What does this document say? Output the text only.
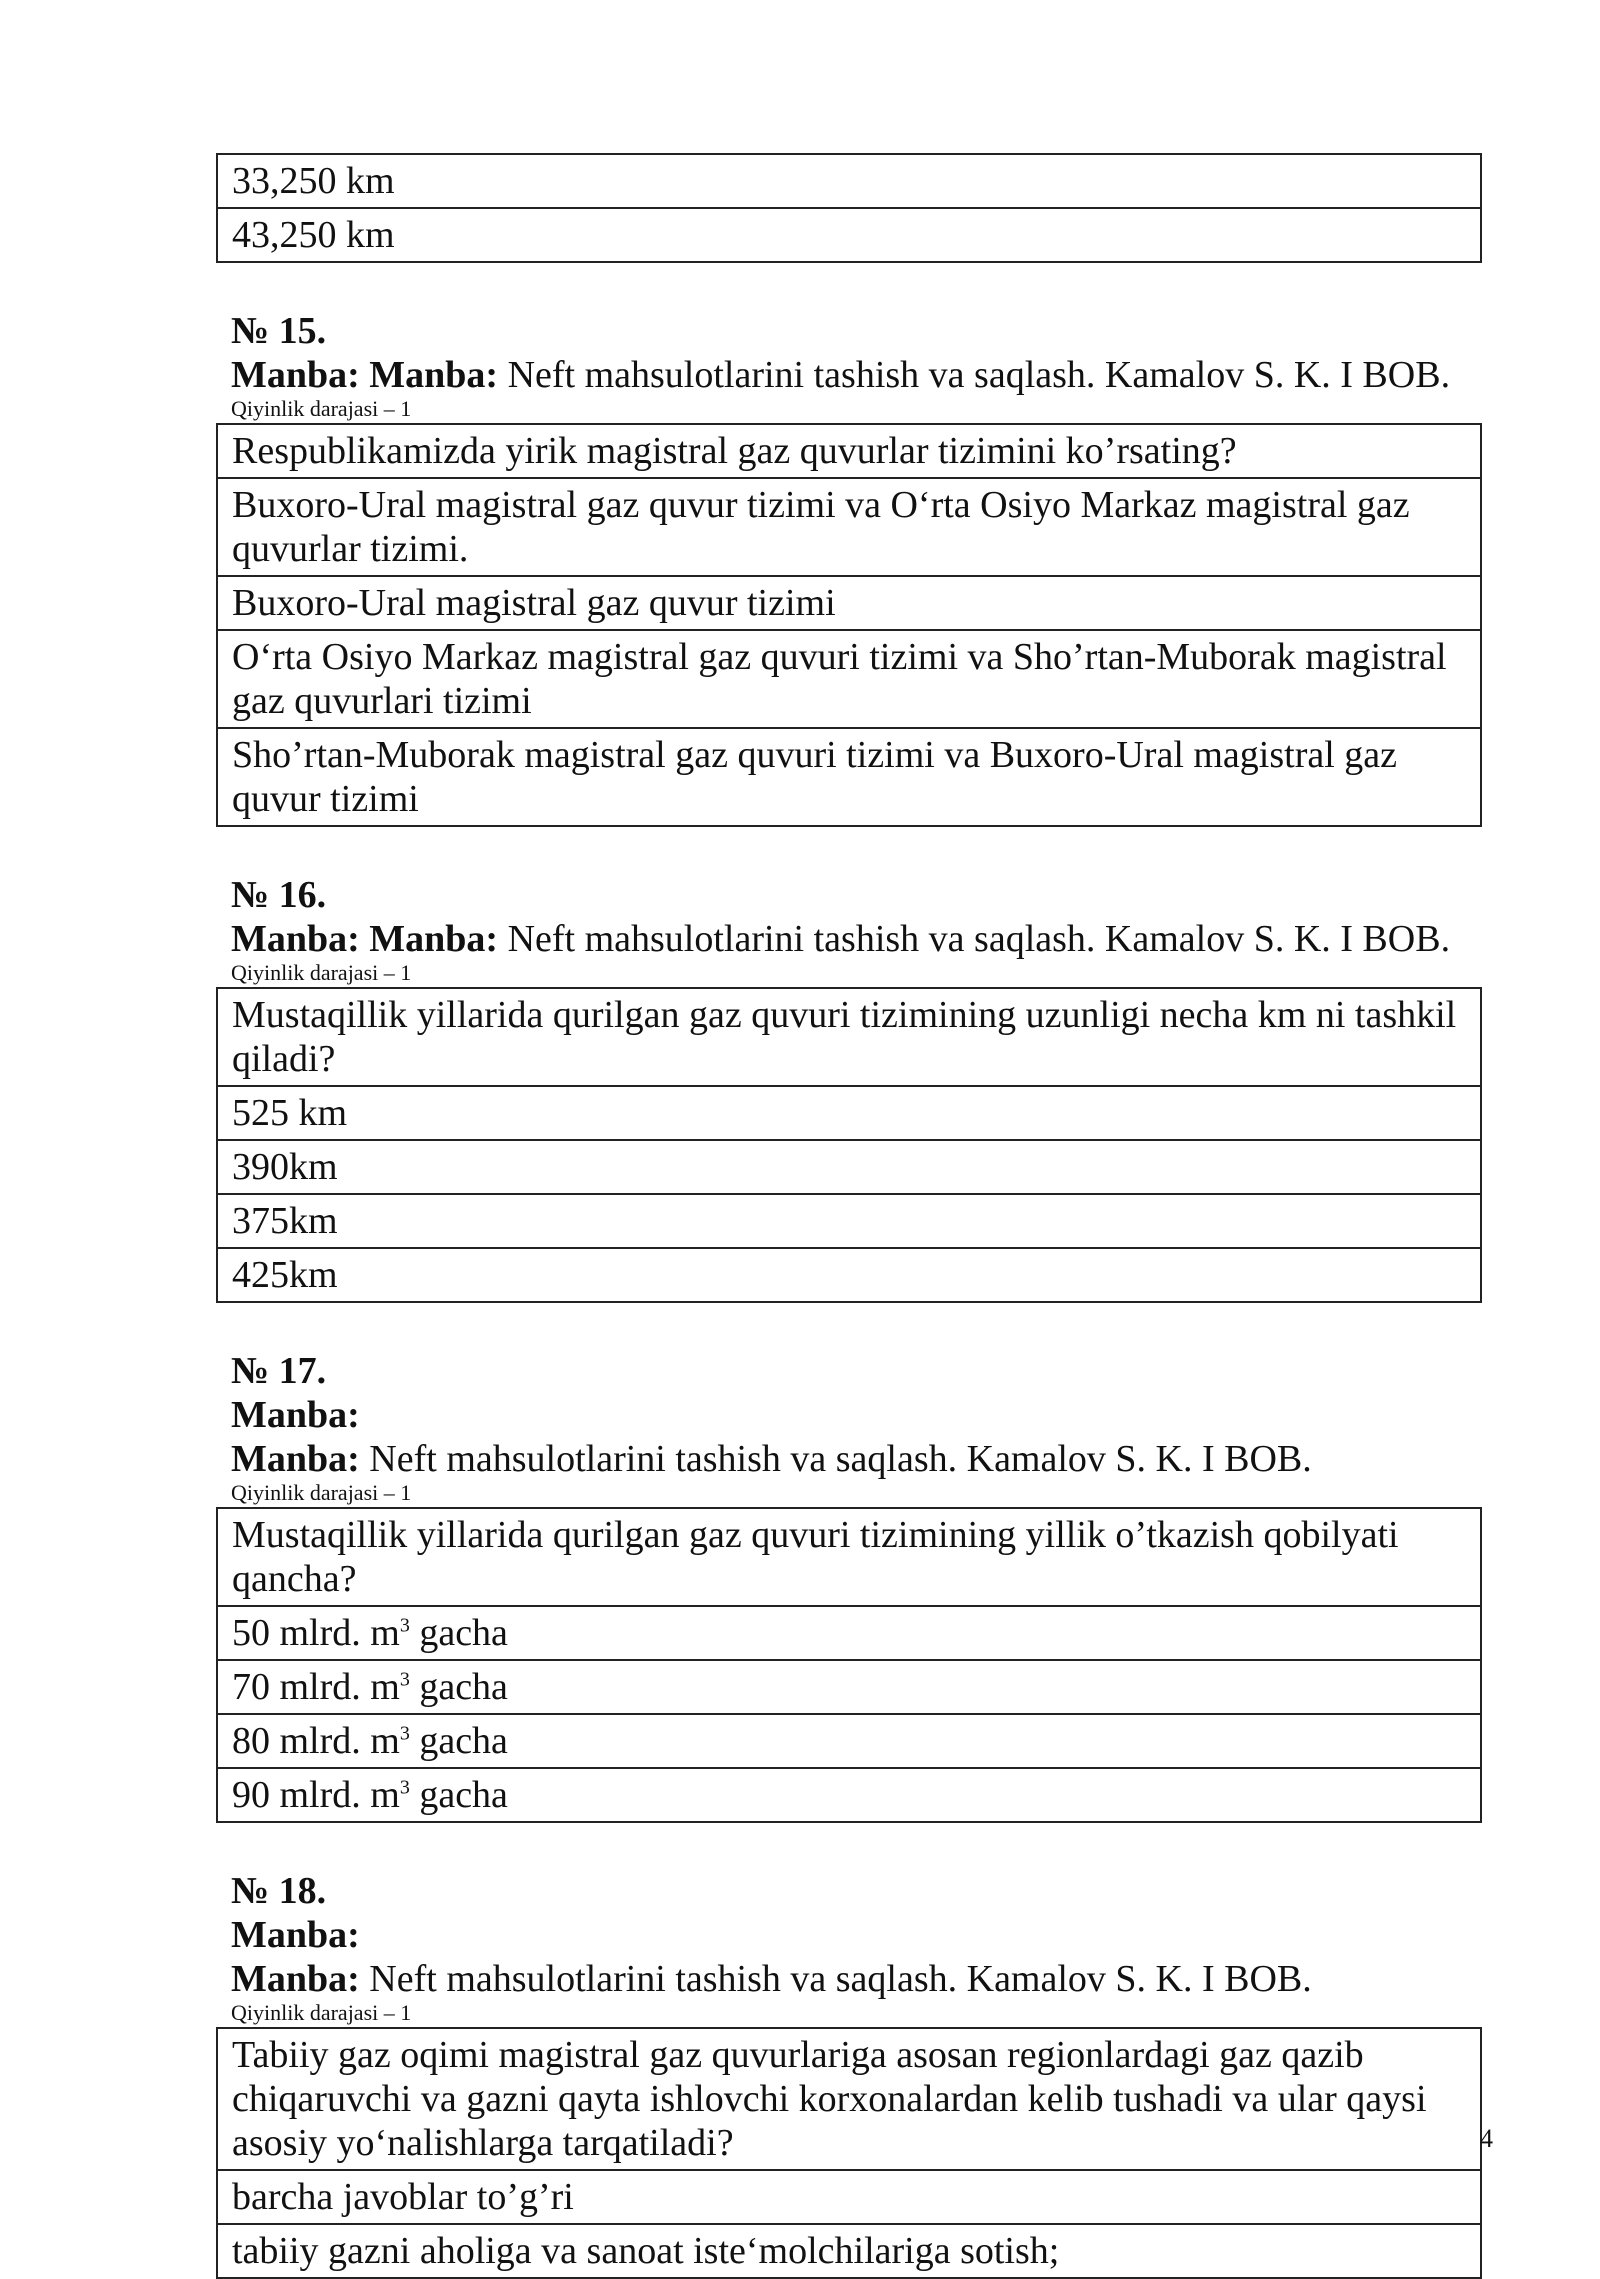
33,250 km
43,250 km
№ 15.
Manba: Manba: Neft mahsulotlarini tashish va saqlash. Kamalov S. K. I BOB.
Qiyinlik darajasi – 1
Respublikamizda yirik magistral gaz quvurlar tizimini ko’rsating?
Buxoro-Ural magistral gaz quvur tizimi va Oʻrta Osiyo Markaz magistral gaz quvurlar tizimi.
Buxoro-Ural magistral gaz quvur tizimi
Oʻrta Osiyo Markaz magistral gaz quvuri tizimi va Sho’rtan-Muborak magistral gaz quvurlari tizimi
Sho’rtan-Muborak magistral gaz quvuri tizimi va Buxoro-Ural magistral gaz quvur tizimi
№ 16.
Manba: Manba: Neft mahsulotlarini tashish va saqlash. Kamalov S. K. I BOB.
Qiyinlik darajasi – 1
Mustaqillik yillarida qurilgan gaz quvuri tizimining uzunligi necha km ni tashkil qiladi?
525 km
390km
375km
425km
№ 17.
Manba:
Manba: Neft mahsulotlarini tashish va saqlash. Kamalov S. K. I BOB.
Qiyinlik darajasi – 1
Mustaqillik yillarida qurilgan gaz quvuri tizimining yillik o’tkazish qobilyati qancha?
50 mlrd. $m^3$ gacha
70 mlrd. $m^3$ gacha
80 mlrd. $m^3$ gacha
90 mlrd. $m^3$ gacha
№ 18.
Manba:
Manba: Neft mahsulotlarini tashish va saqlash. Kamalov S. K. I BOB.
Qiyinlik darajasi – 1
Tabiiy gaz oqimi magistral gaz quvurlariga asosan regionlardagi gaz qazib chiqaruvchi va gazni qayta ishlovchi korxonalardan kelib tushadi va ular qaysi asosiy yoʻnalishlarga tarqatiladi?
barcha javoblar to’g’ri
tabiiy gazni aholiga va sanoat isteʻmolchilariga sotish;
4
